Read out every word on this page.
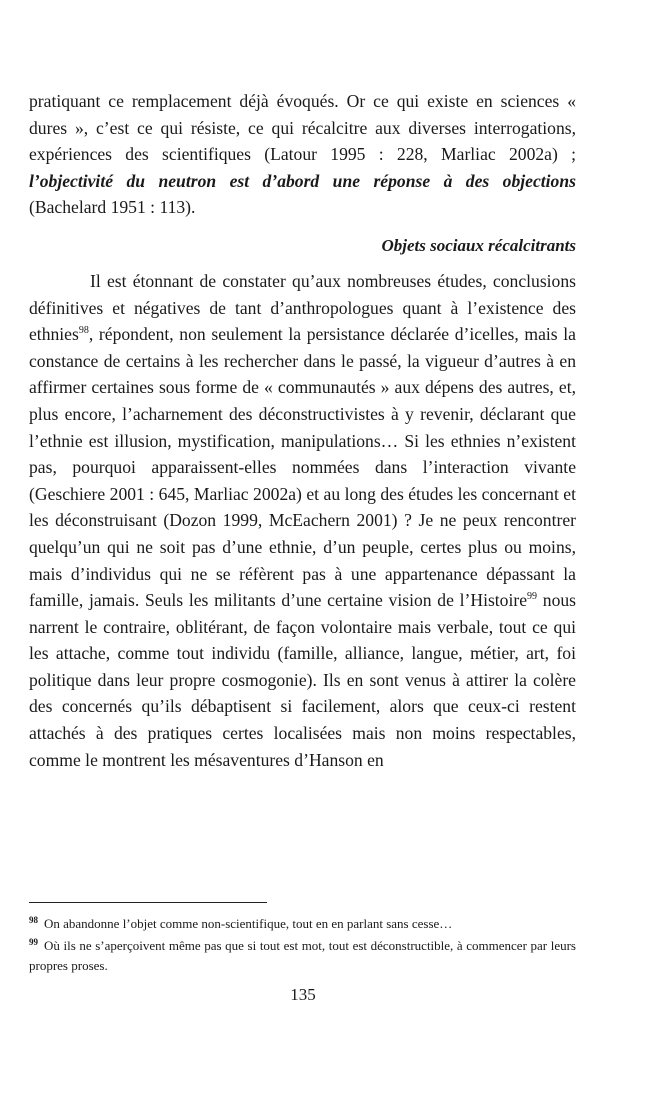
pratiquant ce remplacement déjà évoqués. Or ce qui existe en sciences « dures », c’est ce qui résiste, ce qui récalcitre aux diverses interrogations, expériences des scientifiques (Latour 1995 : 228, Marliac 2002a) ; l’objectivité du neutron est d’abord une réponse à des objections (Bachelard 1951 : 113).

Objets sociaux récalcitrants

Il est étonnant de constater qu’aux nombreuses études, conclusions définitives et négatives de tant d’anthropologues quant à l’existence des ethnies$^{98}$, répondent, non seulement la persistance déclarée d’icelles, mais la constance de certains à les rechercher dans le passé, la vigueur d’autres à en affirmer certaines sous forme de « communautés » aux dépens des autres, et, plus encore, l’acharnement des déconstructivistes à y revenir, déclarant que l’ethnie est illusion, mystification, manipulations… Si les ethnies n’existent pas, pourquoi apparaissent-elles nommées dans l’interaction vivante (Geschiere 2001 : 645, Marliac 2002a) et au long des études les concernant et les déconstruisant (Dozon 1999, McEachern 2001) ? Je ne peux rencontrer quelqu’un qui ne soit pas d’une ethnie, d’un peuple, certes plus ou moins, mais d’individus qui ne se réfèrent pas à une appartenance dépassant la famille, jamais. Seuls les militants d’une certaine vision de l’Histoire$^{99}$ nous narrent le contraire, oblitérant, de façon volontaire mais verbale, tout ce qui les attache, comme tout individu (famille, alliance, langue, métier, art, foi politique dans leur propre cosmogonie). Ils en sont venus à attirer la colère des concernés qu’ils débaptisent si facilement, alors que ceux-ci restent attachés à des pratiques certes localisées mais non moins respectables, comme le montrent les mésaventures d’Hanson en

$^{98}$ On abandonne l’objet comme non-scientifique, tout en en parlant sans cesse…

$^{99}$ Où ils ne s’aperçoivent même pas que si tout est mot, tout est déconstructible, à commencer par leurs propres proses.

135
